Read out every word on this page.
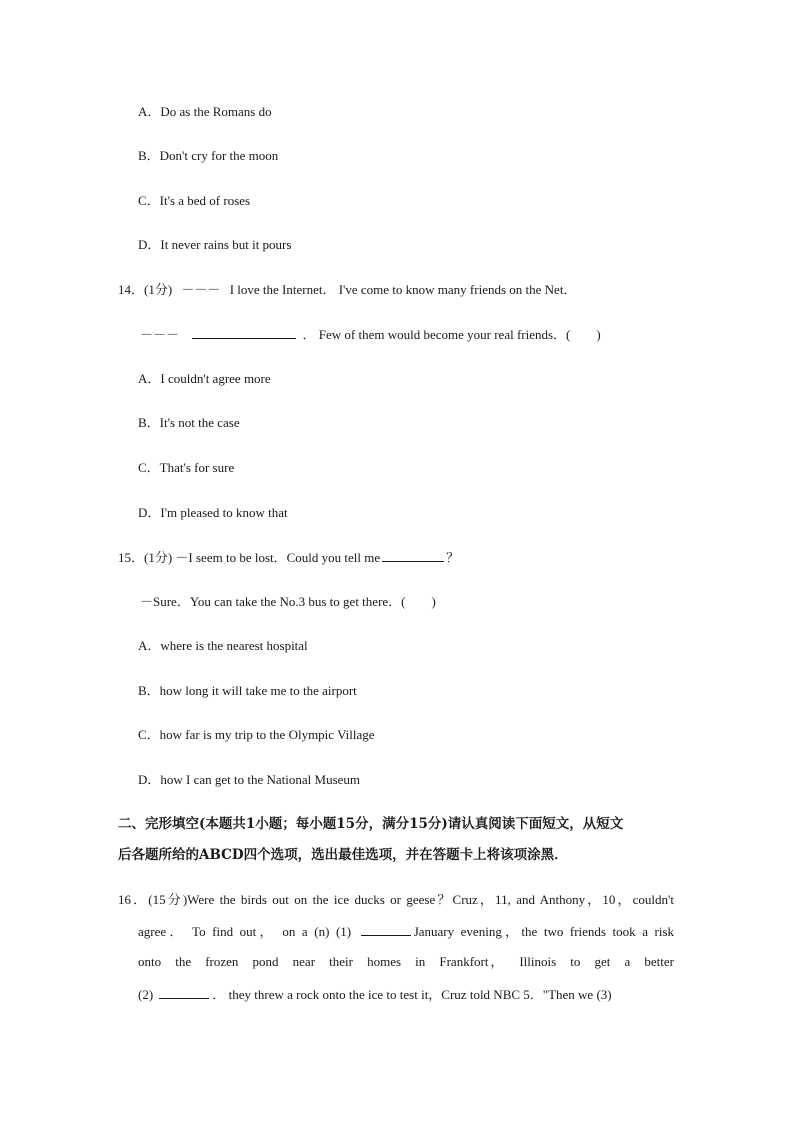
A．Do as the Romans do
B．Don't cry for the moon
C．It's a bed of roses
D．It never rains but it pours
14．(1分) －－－ I love the Internet． I've come to know many friends on the Net．
－－－	． Few of them would become your real friends．(　　)
A．I couldn't agree more
B．It's not the case
C．That's for sure
D．I'm pleased to know that
15．(1分) －I seem to be lost．Could you tell me	？
－Sure．You can take the No.3 bus to get there．(　　)
A．where is the nearest hospital
B．how long it will take me to the airport
C．how far is my trip to the Olympic Village
D．how I can get to the National Museum
二、完形填空(本题共1小题；每小题15分，满分15分)请认真阅读下面短文，从短文
后各题所给的ABCD四个选项，选出最佳选项，并在答题卡上将该项涂黑．
16．(15分)Were the birds out on the ice ducks or geese？Cruz，11, and Anthony，10，couldn't
agree． To find out， on a (n) (1)	January evening，the two friends took a risk
onto the frozen pond near their homes in Frankfort， Illinois to get a better
(2)	． they threw a rock onto the ice to test it，Cruz told NBC 5．"Then we (3)
